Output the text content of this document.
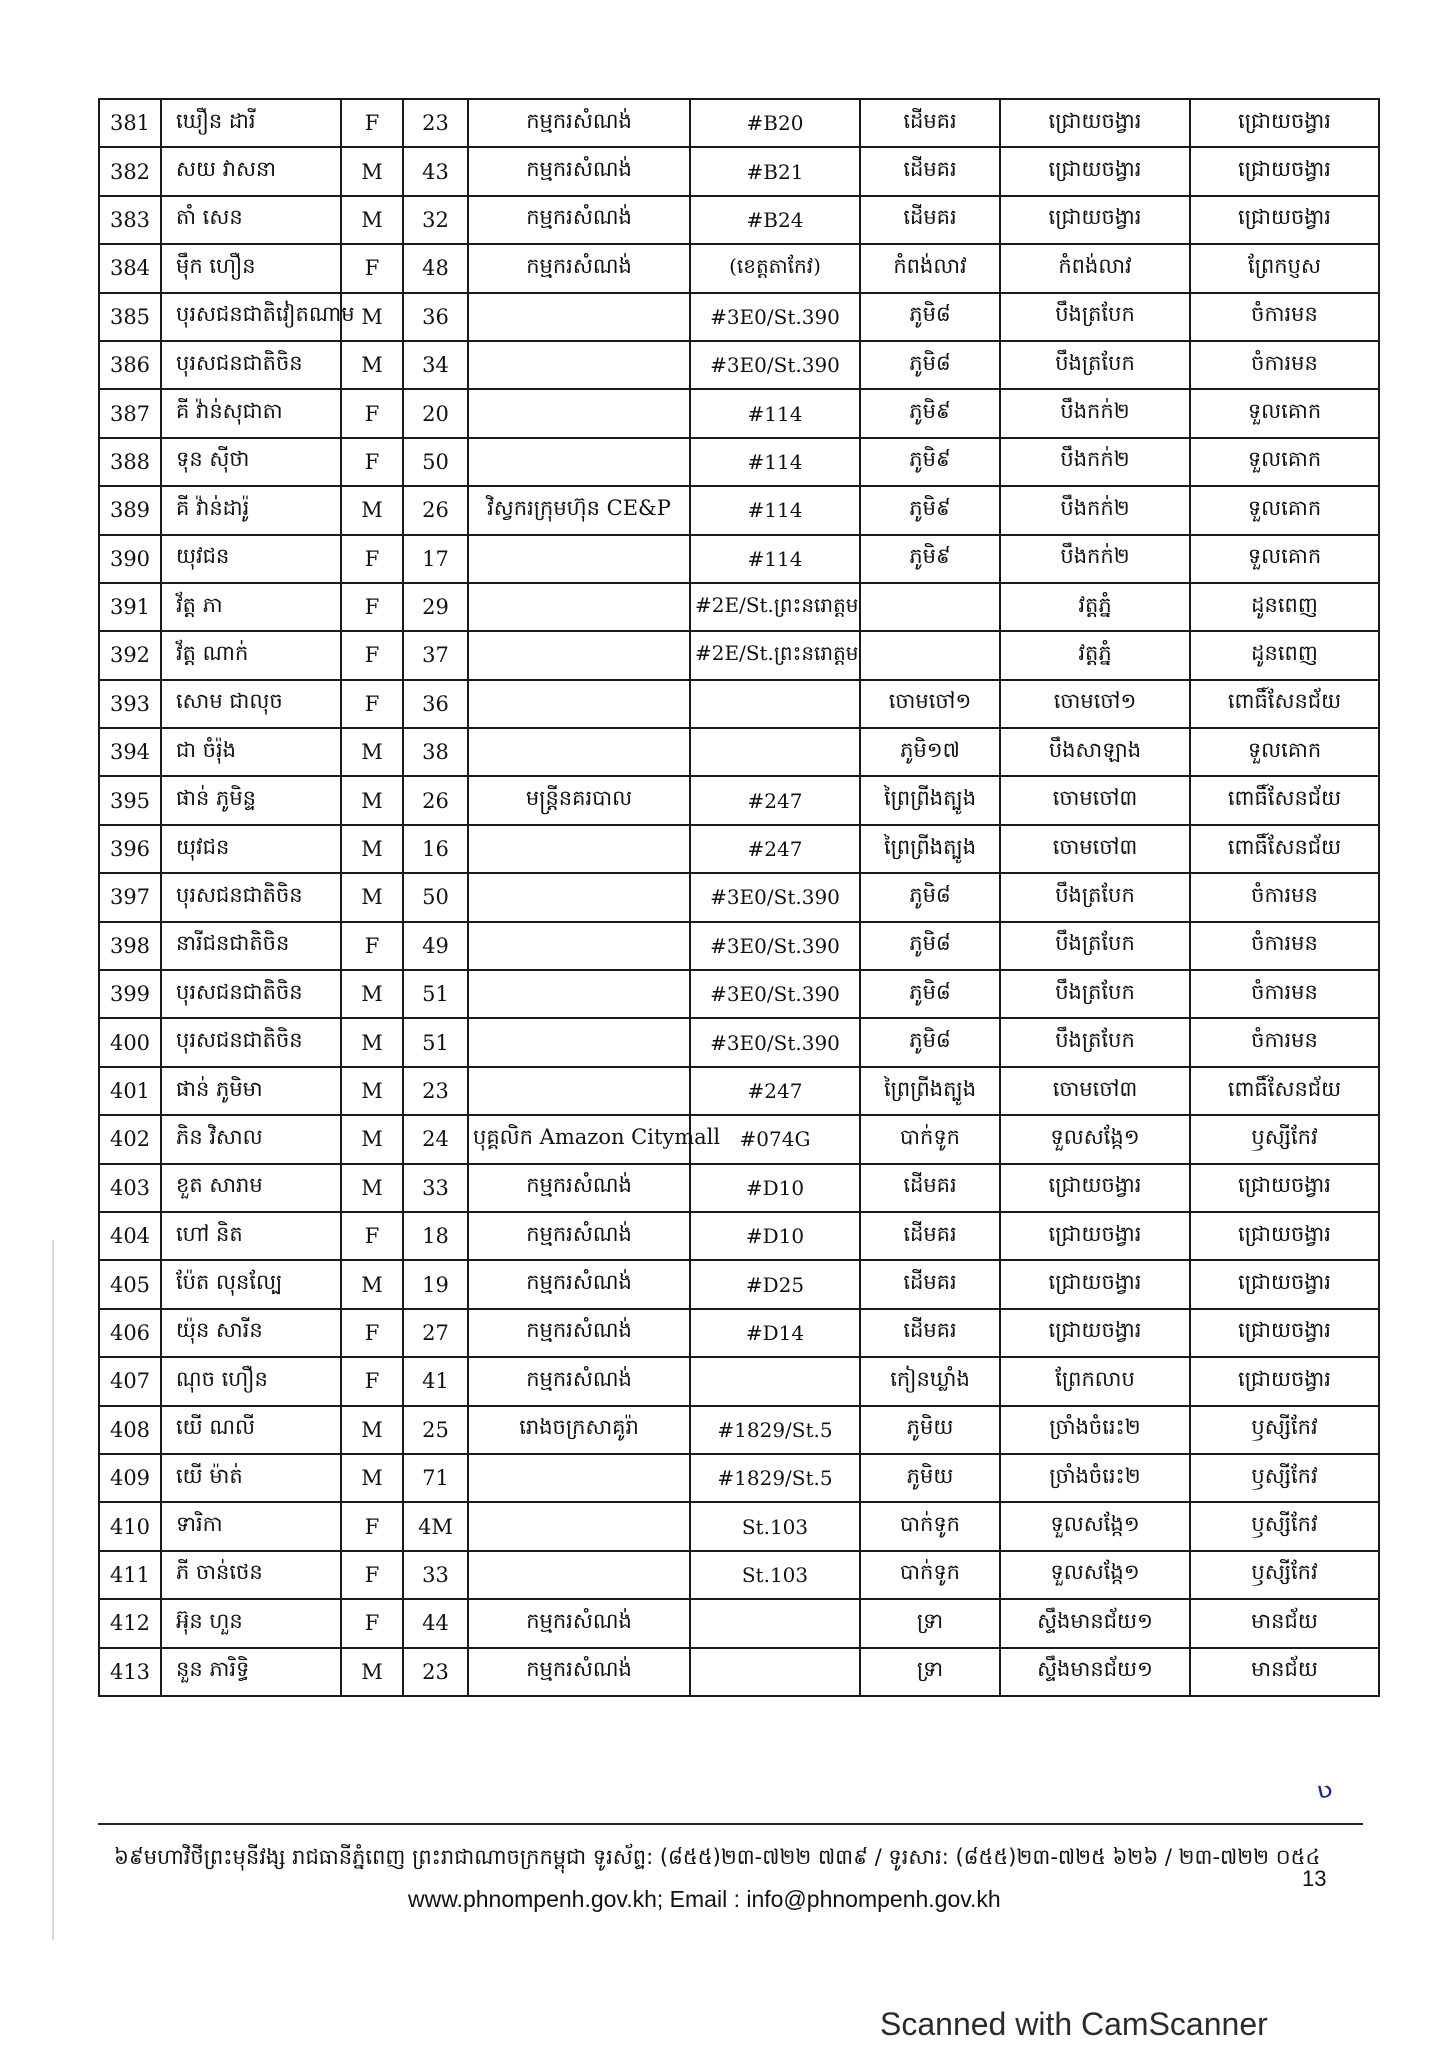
381	ឃឿន ដារី	F	23	កម្មករសំណង់	#B20	ដើមគរ	ជ្រោយចង្វារ	ជ្រោយចង្វារ
382	សយ វាសនា	M	43	កម្មករសំណង់	#B21	ដើមគរ	ជ្រោយចង្វារ	ជ្រោយចង្វារ
383	តាំ សេន	M	32	កម្មករសំណង់	#B24	ដើមគរ	ជ្រោយចង្វារ	ជ្រោយចង្វារ
384	ម៉ឹក ហឿន	F	48	កម្មករសំណង់	(ខេត្តតាកែវ)	កំពង់លាវ	កំពង់លាវ	ព្រែកប្ញស
385	បុរសជនជាតិវៀតណាម	M	36		#3E0/St.390	ភូមិ៨	បឹងត្របែក	ចំការមន
386	បុរសជនជាតិចិន	M	34		#3E0/St.390	ភូមិ៨	បឹងត្របែក	ចំការមន
387	គី វ៉ាន់សុជាតា	F	20		#114	ភូមិ៩	បឹងកក់២	ទួលគោក
388	ទុន ស៊ីថា	F	50		#114	ភូមិ៩	បឹងកក់២	ទួលគោក
389	គី វ៉ាន់ដារ៉ូ	M	26	វិស្វករក្រុមហ៊ុន CE&P	#114	ភូមិ៩	បឹងកក់២	ទួលគោក
390	យុវជន	F	17		#114	ភូមិ៩	បឹងកក់២	ទួលគោក
391	វ័ត្ត ភា	F	29		#2E/St.ព្រះនរោត្តម		វត្តភ្នំ	ដូនពេញ
392	វ័ត្ត ណាក់	F	37		#2E/St.ព្រះនរោត្តម		វត្តភ្នំ	ដូនពេញ
393	សោម ជាលុច	F	36			ចោមចៅ១	ចោមចៅ១	ពោធិ៍សែនជ័យ
394	ជា ចំរ៉ុង	M	38			ភូមិ១៧	បឹងសាឡាង	ទួលគោក
395	ផាន់ ភូមិន្ទ	M	26	មន្ត្រីនគរបាល	#247	ព្រៃព្រីងត្បូង	ចោមចៅ៣	ពោធិ៍សែនជ័យ
396	យុវជន	M	16		#247	ព្រៃព្រីងត្បូង	ចោមចៅ៣	ពោធិ៍សែនជ័យ
397	បុរសជនជាតិចិន	M	50		#3E0/St.390	ភូមិ៨	បឹងត្របែក	ចំការមន
398	នារីជនជាតិចិន	F	49		#3E0/St.390	ភូមិ៨	បឹងត្របែក	ចំការមន
399	បុរសជនជាតិចិន	M	51		#3E0/St.390	ភូមិ៨	បឹងត្របែក	ចំការមន
400	បុរសជនជាតិចិន	M	51		#3E0/St.390	ភូមិ៨	បឹងត្របែក	ចំការមន
401	ផាន់ ភូមិមា	M	23		#247	ព្រៃព្រីងត្បូង	ចោមចៅ៣	ពោធិ៍សែនជ័យ
402	ភិន វិសាល	M	24	បុគ្គលិក Amazon Citymall	#074G	បាក់ទូក	ទួលសង្កែ១	ឫស្សីកែវ
403	ខួត សារាម	M	33	កម្មករសំណង់	#D10	ដើមគរ	ជ្រោយចង្វារ	ជ្រោយចង្វារ
404	ហៅ និត	F	18	កម្មករសំណង់	#D10	ដើមគរ	ជ្រោយចង្វារ	ជ្រោយចង្វារ
405	ប៉ែត លុនល្បែ	M	19	កម្មករសំណង់	#D25	ដើមគរ	ជ្រោយចង្វារ	ជ្រោយចង្វារ
406	យ៉ុន សារីន	F	27	កម្មករសំណង់	#D14	ដើមគរ	ជ្រោយចង្វារ	ជ្រោយចង្វារ
407	ណុច ហឿន	F	41	កម្មករសំណង់		កៀនឃ្លាំង	ព្រែកលាប	ជ្រោយចង្វារ
408	យើ ណលី	M	25	រោងចក្រសាគូរ៉ា	#1829/St.5	ភូមិយ	ច្រាំងចំរេះ២	ឫស្សីកែវ
409	យើ ម៉ាត់	M	71		#1829/St.5	ភូមិយ	ច្រាំងចំរេះ២	ឫស្សីកែវ
410	ទារិកា	F	4M		St.103	បាក់ទូក	ទួលសង្កែ១	ឫស្សីកែវ
411	ភី ចាន់ថេន	F	33		St.103	បាក់ទូក	ទួលសង្កែ១	ឫស្សីកែវ
412	អ៊ុន ហួន	F	44	កម្មករសំណង់		ទ្រា	ស្ទឹងមានជ័យ១	មានជ័យ
413	នួន ភារិទ្ធិ	M	23	កម្មករសំណង់		ទ្រា	ស្ទឹងមានជ័យ១	មានជ័យ
ᶹ
៦៩មហាវិថីព្រះមុនីវង្ស រាជធានីភ្នំពេញ ព្រះរាជាណាចក្រកម្ពុជា ទូរស័ព្ទ: (៨៥៥)២៣-៧២២ ៧៣៩ / ទូរសារ: (៨៥៥)២៣-៧២៥ ៦២៦ / ២៣-៧២២ ០៥៤
www.phnompenh.gov.kh; Email : info@phnompenh.gov.kh
13
Scanned with CamScanner
